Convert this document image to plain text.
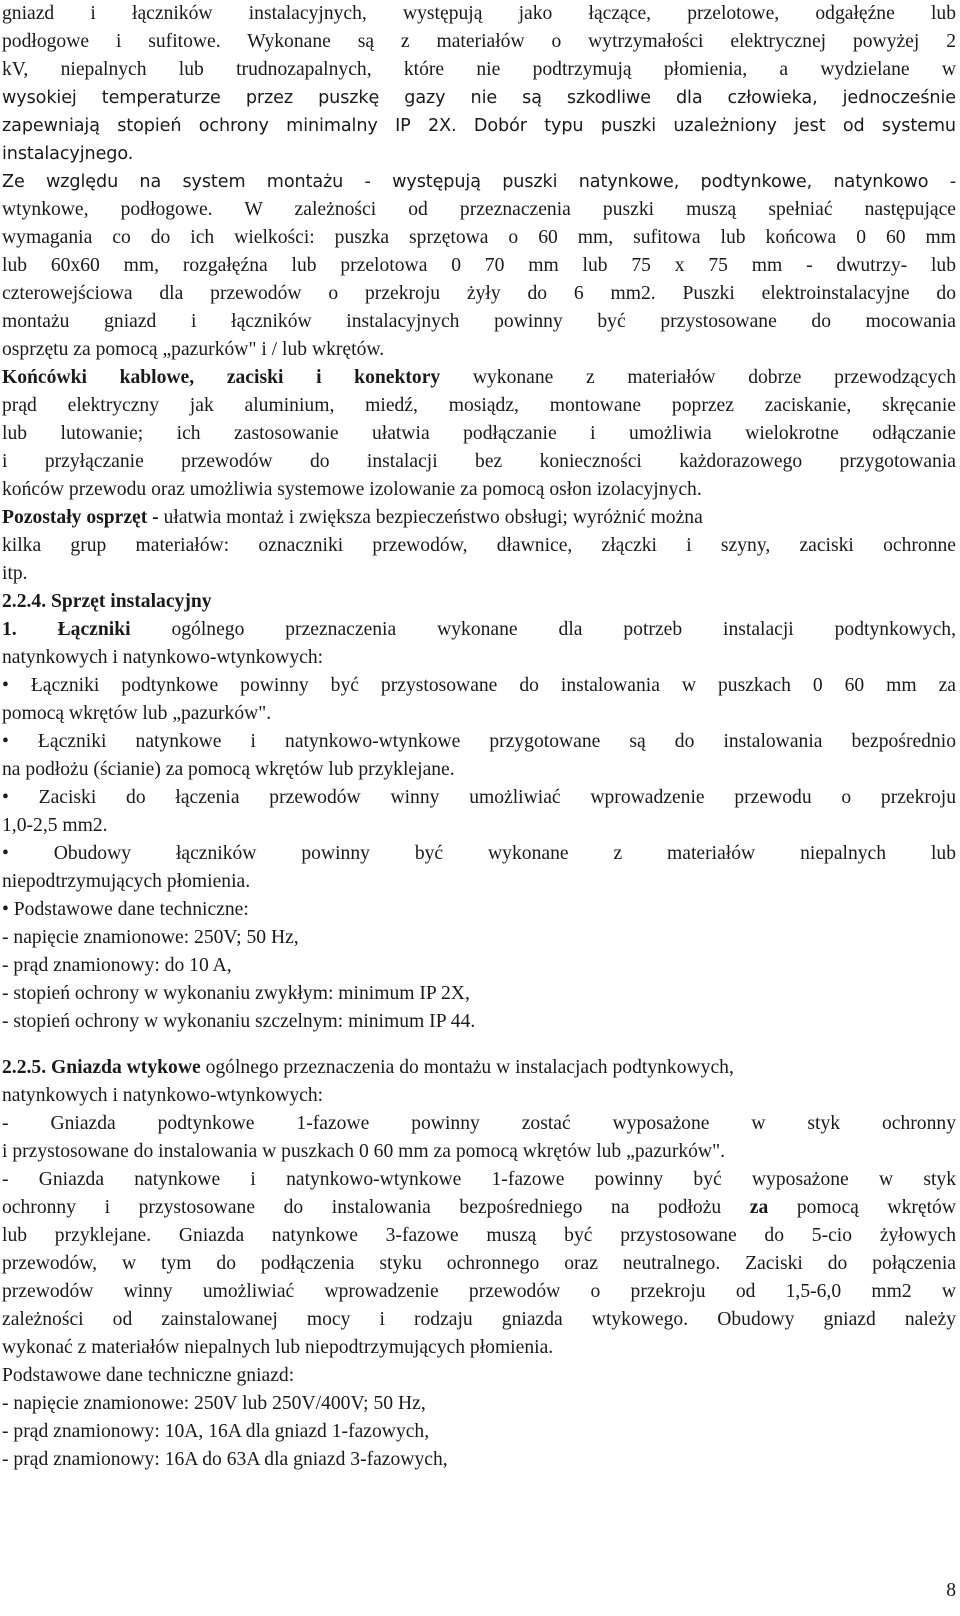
gniazd i łączników instalacyjnych, występują jako łączące, przelotowe, odgałęźne lub
podłogowe i sufitowe. Wykonane są z materiałów o wytrzymałości elektrycznej powyżej 2
kV, niepalnych lub trudnozapalnych, które nie podtrzymują płomienia, a wydzielane w
wysokiej temperaturze przez puszkę gazy nie są szkodliwe dla człowieka, jednocześnie
zapewniają stopień ochrony minimalny IP 2X. Dobór typu puszki uzależniony jest od systemu
instalacyjnego.
Ze względu na system montażu - występują puszki natynkowe, podtynkowe, natynkowo -
wtynkowe, podłogowe. W zależności od przeznaczenia puszki muszą spełniać następujące
wymagania co do ich wielkości: puszka sprzętowa o 60 mm, sufitowa lub końcowa 0 60 mm
lub 60x60 mm, rozgałęźna lub przelotowa 0 70 mm lub 75 x 75 mm - dwutrzy- lub
czterowejściowa dla przewodów o przekroju żyły do 6 mm2. Puszki elektroinstalacyjne do
montażu gniazd i łączników instalacyjnych powinny być przystosowane do mocowania
osprzętu za pomocą „pazurków" i / lub wkrętów.
Końcówki kablowe, zaciski i konektory wykonane z materiałów dobrze przewodzących
prąd elektryczny jak aluminium, miedź, mosiądz, montowane poprzez zaciskanie, skręcanie
lub lutowanie; ich zastosowanie ułatwia podłączanie i umożliwia wielokrotne odłączanie
i przyłączanie przewodów do instalacji bez konieczności każdorazowego przygotowania
końców przewodu oraz umożliwia systemowe izolowanie za pomocą osłon izolacyjnych.
Pozostały osprzęt - ułatwia montaż i zwiększa bezpieczeństwo obsługi; wyróżnić można
kilka grup materiałów: oznaczniki przewodów, dławnice, złączki i szyny, zaciski ochronne
itp.
2.2.4. Sprzęt instalacyjny
1. Łączniki ogólnego przeznaczenia wykonane dla potrzeb instalacji podtynkowych,
natynkowych i natynkowo-wtynkowych:
• Łączniki podtynkowe powinny być przystosowane do instalowania w puszkach 0 60 mm za
pomocą wkrętów lub „pazurków".
• Łączniki natynkowe i natynkowo-wtynkowe przygotowane są do instalowania bezpośrednio
na podłożu (ścianie) za pomocą wkrętów lub przyklejane.
• Zaciski do łączenia przewodów winny umożliwiać wprowadzenie przewodu o przekroju
1,0-2,5 mm2.
• Obudowy łączników powinny być wykonane z materiałów niepalnych lub
niepodtrzymujących płomienia.
• Podstawowe dane techniczne:
- napięcie znamionowe: 250V; 50 Hz,
- prąd znamionowy: do 10 A,
- stopień ochrony w wykonaniu zwykłym: minimum IP 2X,
- stopień ochrony w wykonaniu szczelnym: minimum IP 44.
2.2.5. Gniazda wtykowe ogólnego przeznaczenia do montażu w instalacjach podtynkowych,
natynkowych i natynkowo-wtynkowych:
- Gniazda podtynkowe 1-fazowe powinny zostać wyposażone w styk ochronny
i przystosowane do instalowania w puszkach 0 60 mm za pomocą wkrętów lub „pazurków".
- Gniazda natynkowe i natynkowo-wtynkowe 1-fazowe powinny być wyposażone w styk
ochronny i przystosowane do instalowania bezpośredniego na podłożu za pomocą wkrętów
lub przyklejane. Gniazda natynkowe 3-fazowe muszą być przystosowane do 5-cio żyłowych
przewodów, w tym do podłączenia styku ochronnego oraz neutralnego. Zaciski do połączenia
przewodów winny umożliwiać wprowadzenie przewodów o przekroju od 1,5-6,0 mm2 w
zależności od zainstalowanej mocy i rodzaju gniazda wtykowego. Obudowy gniazd należy
wykonać z materiałów niepalnych lub niepodtrzymujących płomienia.
Podstawowe dane techniczne gniazd:
- napięcie znamionowe: 250V lub 250V/400V; 50 Hz,
- prąd znamionowy: 10A, 16A dla gniazd 1-fazowych,
- prąd znamionowy: 16A do 63A dla gniazd 3-fazowych,
8
